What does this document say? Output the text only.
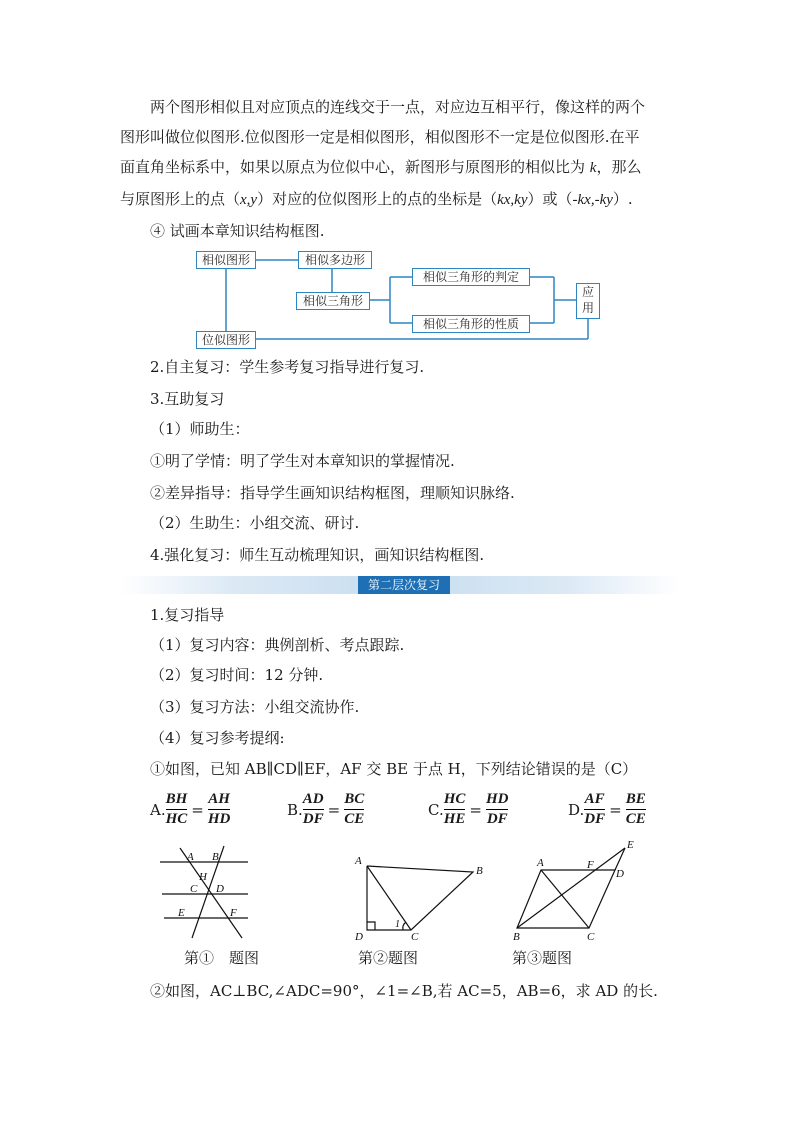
两个图形相似且对应顶点的连线交于一点，对应边互相平行，像这样的两个
图形叫做位似图形.位似图形一定是相似图形，相似图形不一定是位似图形.在平
面直角坐标系中，如果以原点为位似中心，新图形与原图形的相似比为 k，那么
与原图形上的点（x,y）对应的位似图形上的点的坐标是（kx,ky）或（-kx,-ky）.
④ 试画本章知识结构框图.
相似图形	相似多边形
相似三角形
相似三角形的判定
相似三角形的性质
应用
位似图形
2.自主复习：学生参考复习指导进行复习.
3.互助复习
（1）师助生：
①明了学情：明了学生对本章知识的掌握情况.
②差异指导：指导学生画知识结构框图，理顺知识脉络.
（2）生助生：小组交流、研讨.
4.强化复习：师生互动梳理知识，画知识结构框图.
第二层次复习
1.复习指导
（1）复习内容：典例剖析、考点跟踪.
（2）复习时间：12 分钟.
（3）复习方法：小组交流协作.
（4）复习参考提纲:
①如图，已知 AB∥CD∥EF，AF 交 BE 于点 H，下列结论错误的是（C）
A. $\frac{BH}{HC} = \frac{AH}{HD}$	B. $\frac{AD}{DF} = \frac{BC}{CE}$	C. $\frac{HC}{HE} = \frac{HD}{DF}$	D. $\frac{AF}{DF} = \frac{BE}{CE}$
A B
H
C D
E	F
A
B
C
D
1
A	F
E
D
B	C
第①　题图	第②题图	第③题图
②如图，AC⊥BC,∠ADC=90°，∠1=∠B,若 AC=5，AB=6，求 AD 的长.
